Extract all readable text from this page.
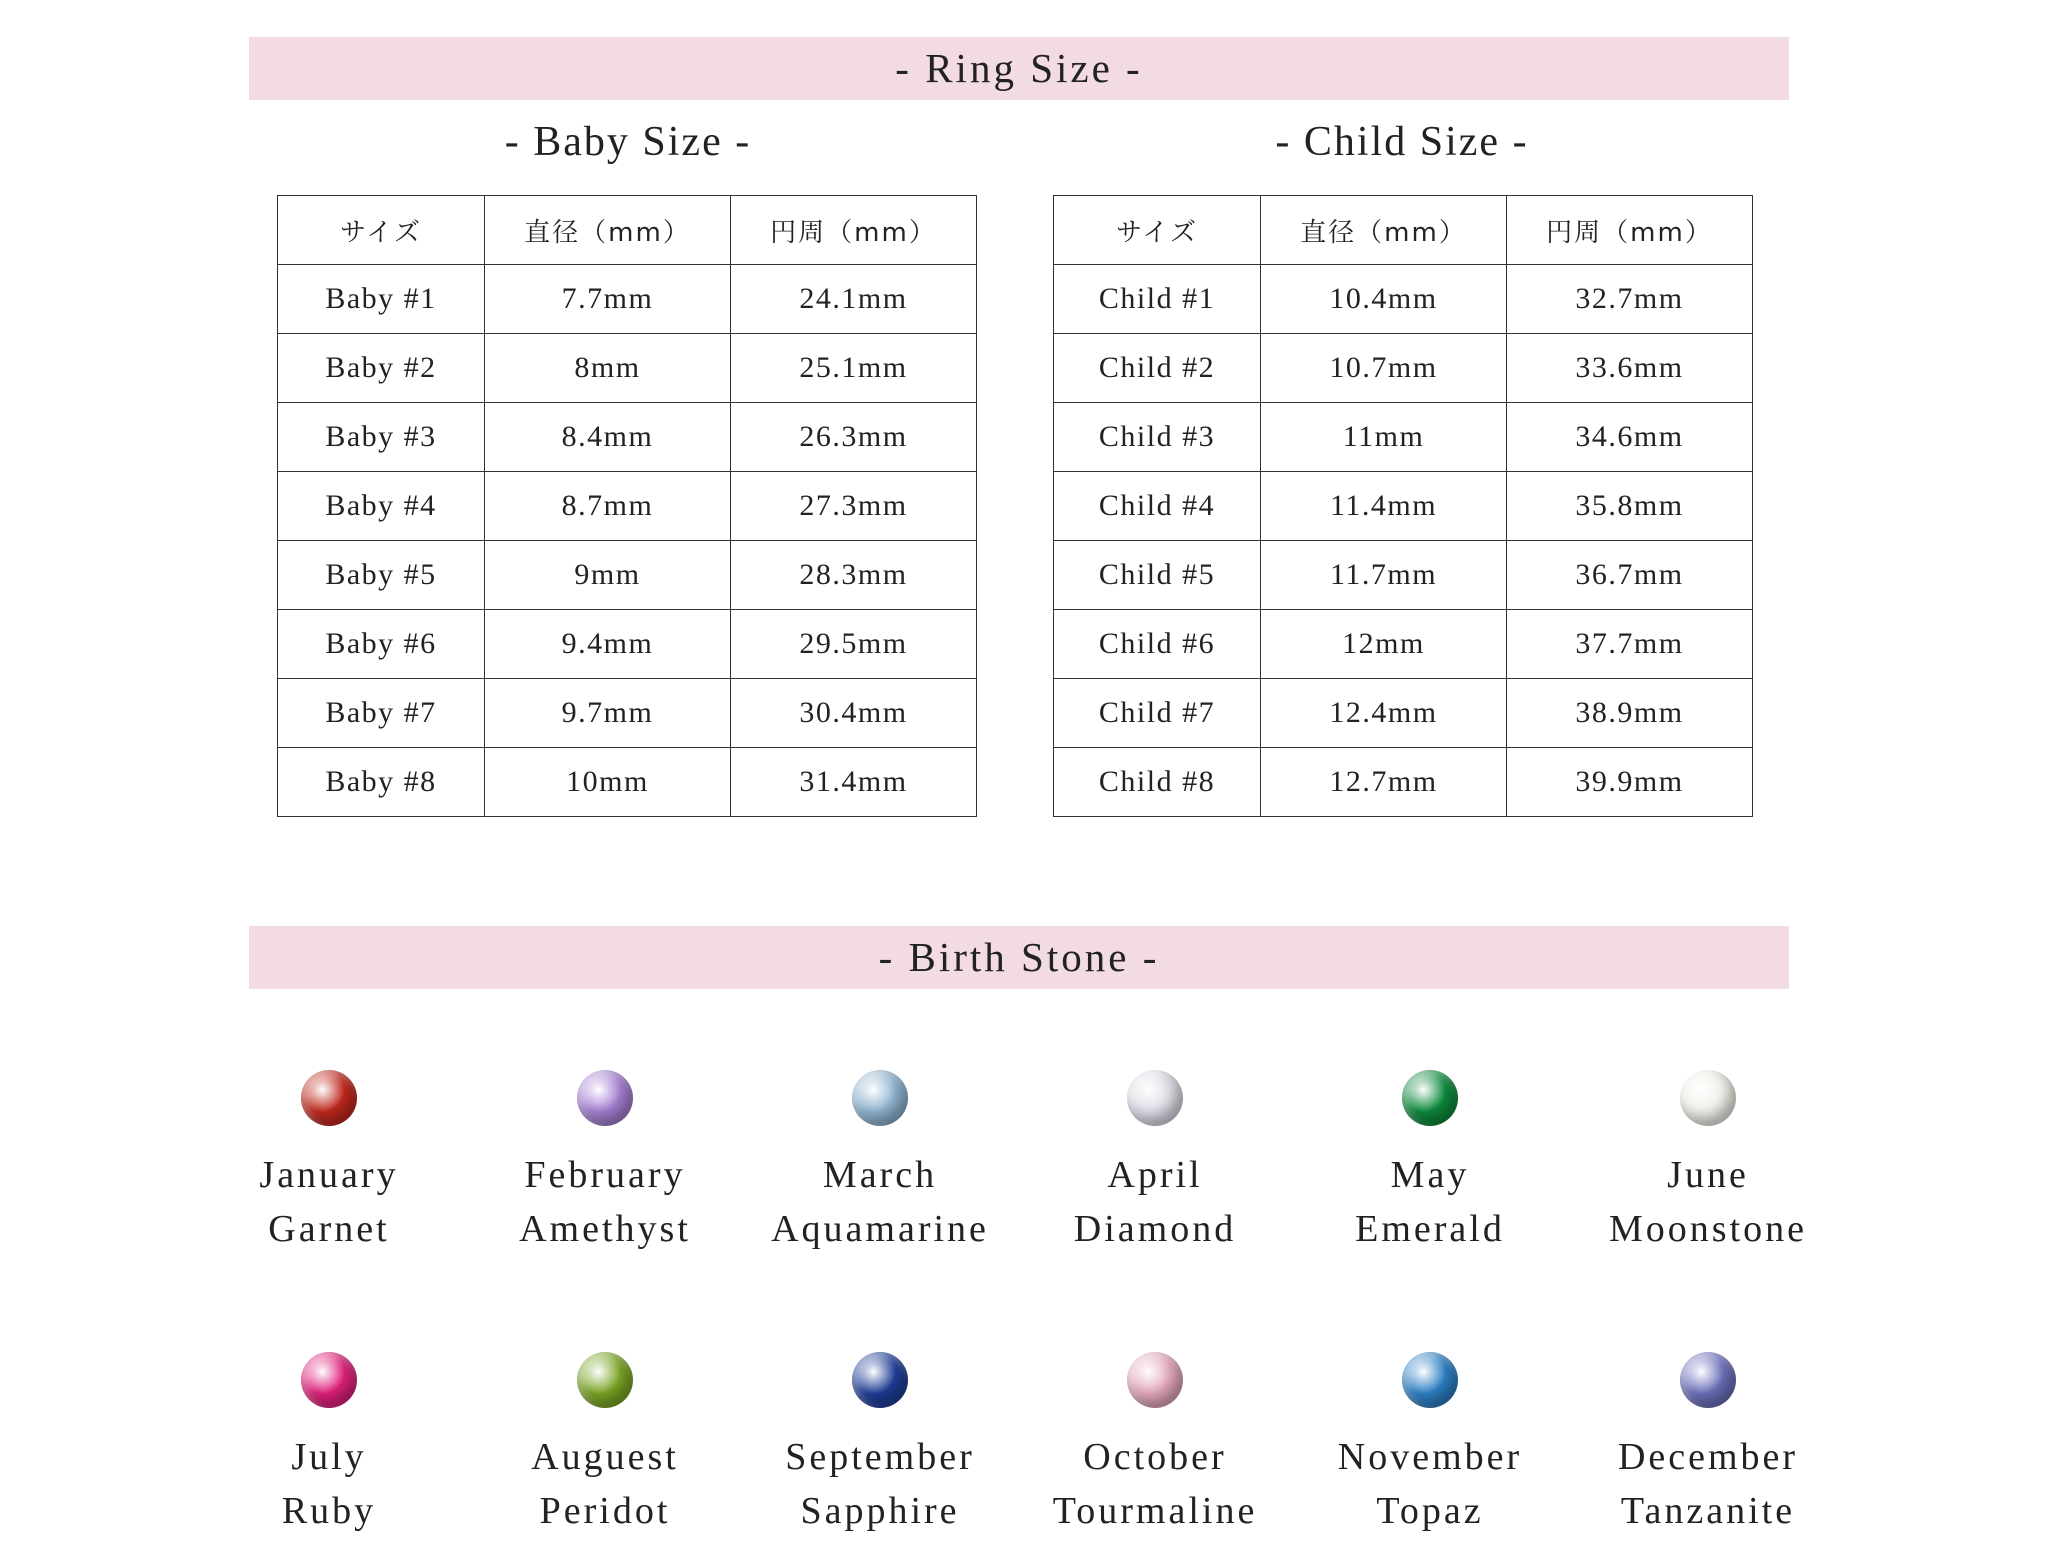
- Ring Size -
- Baby Size -	- Child Size -
サイズ	直径（mm）	円周（mm）
Baby #1	7.7mm	24.1mm
Baby #2	8mm	25.1mm
Baby #3	8.4mm	26.3mm
Baby #4	8.7mm	27.3mm
Baby #5	9mm	28.3mm
Baby #6	9.4mm	29.5mm
Baby #7	9.7mm	30.4mm
Baby #8	10mm	31.4mm
サイズ	直径（mm）	円周（mm）
Child #1	10.4mm	32.7mm
Child #2	10.7mm	33.6mm
Child #3	11mm	34.6mm
Child #4	11.4mm	35.8mm
Child #5	11.7mm	36.7mm
Child #6	12mm	37.7mm
Child #7	12.4mm	38.9mm
Child #8	12.7mm	39.9mm
- Birth Stone -
January
Garnet
February
Amethyst
March
Aquamarine
April
Diamond
May
Emerald
June
Moonstone
July
Ruby
Auguest
Peridot
September
Sapphire
October
Tourmaline
November
Topaz
December
Tanzanite
